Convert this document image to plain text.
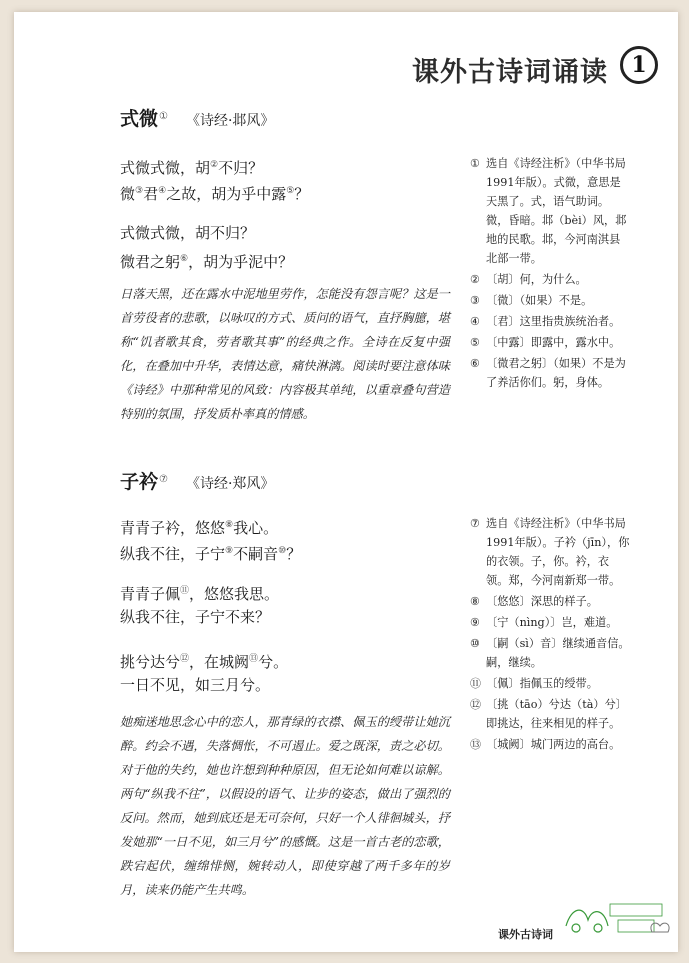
课外古诗词诵读	1
式微① 《诗经·邶风》
式微式微，胡②不归？
微③君④之故，胡为乎中露⑤？
式微式微，胡不归？
微君之躬⑥，胡为乎泥中？
日落天黑，还在露水中泥地里劳作，怎能没有怨言呢？这是一首劳役者的悲歌，以咏叹的方式、质问的语气，直抒胸臆，堪称“饥者歌其食，劳者歌其事”的经典之作。全诗在反复中强化，在叠加中升华，表情达意，痛快淋漓。阅读时要注意体味《诗经》中那种常见的风致：内容极其单纯，以重章叠句营造特别的氛围，抒发质朴率真的情感。
① 选自《诗经注析》（中华书局1991年版）。式微，意思是天黑了。式，语气助词。微，昏暗。邶（bèi）风，邶地的民歌。邶，今河南淇县北部一带。
② 〔胡〕何，为什么。
③ 〔微〕（如果）不是。
④ 〔君〕这里指贵族统治者。
⑤ 〔中露〕即露中，露水中。
⑥ 〔微君之躬〕（如果）不是为了养活你们。躬，身体。
子衿⑦ 《诗经·郑风》
青青子衿，悠悠⑧我心。
纵我不往，子宁⑨不嗣音⑩？
青青子佩⑪，悠悠我思。
纵我不往，子宁不来？
挑兮达兮⑫，在城阙⑬兮。
一日不见，如三月兮。
她痴迷地思念心中的恋人，那青绿的衣襟、佩玉的绶带让她沉醉。约会不遇，失落惆怅，不可遏止。爱之既深，责之必切。对于他的失约，她也许想到种种原因，但无论如何难以谅解。两句“纵我不往”，以假设的语气、让步的姿态，做出了强烈的反问。然而，她到底还是无可奈何，只好一个人徘徊城头，抒发她那“一日不见，如三月兮”的感慨。这是一首古老的恋歌，跌宕起伏，缠绵悱恻，婉转动人，即使穿越了两千多年的岁月，读来仍能产生共鸣。
⑦ 选自《诗经注析》（中华书局1991年版）。子衿（jīn），你的衣领。子，你。衿，衣领。郑，今河南新郑一带。
⑧ 〔悠悠〕深思的样子。
⑨ 〔宁（nìng）〕岂，难道。
⑩ 〔嗣（sì）音〕继续通音信。嗣，继续。
⑪ 〔佩〕指佩玉的绶带。
⑫ 〔挑（tāo）兮达（tà）兮〕即挑达，往来相见的样子。
⑬ 〔城阙〕城门两边的高台。
课外古诗词
